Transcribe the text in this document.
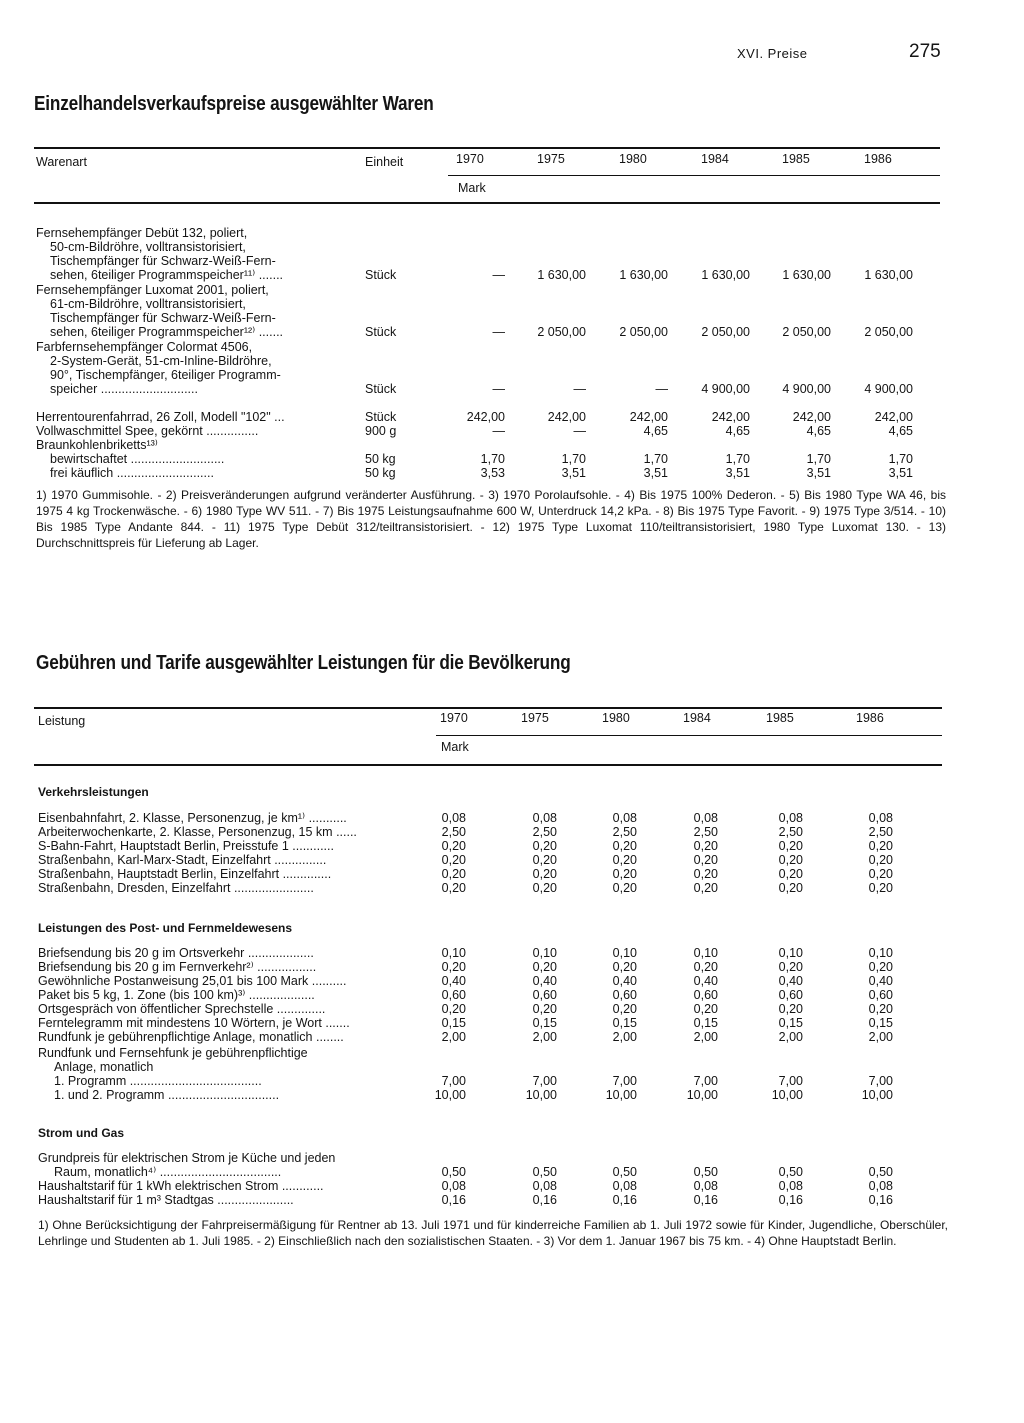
XVI. Preise	275
Einzelhandelsverkaufspreise ausgewählter Waren
Warenart	Einheit	1970	1975	1980	1984	1985	1986
Mark
Fernsehempfänger Debüt 132, poliert,
50-cm-Bildröhre, volltransistorisiert,
Tischempfänger für Schwarz-Weiß-Fern-
sehen, 6teiliger Programmspeicher¹¹⁾ .......	Stück	—	1 630,00	1 630,00	1 630,00	1 630,00	1 630,00
Fernsehempfänger Luxomat 2001, poliert,
61-cm-Bildröhre, volltransistorisiert,
Tischempfänger für Schwarz-Weiß-Fern-
sehen, 6teiliger Programmspeicher¹²⁾ .......	Stück	—	2 050,00	2 050,00	2 050,00	2 050,00	2 050,00
Farbfernsehempfänger Colormat 4506,
2-System-Gerät, 51-cm-Inline-Bildröhre,
90°, Tischempfänger, 6teiliger Programm-
speicher ............................	Stück	—	—	—	4 900,00	4 900,00	4 900,00
Herrentourenfahrrad, 26 Zoll, Modell "102" ...	Stück	242,00	242,00	242,00	242,00	242,00	242,00
Vollwaschmittel Spee, gekörnt ...............	900 g	—	—	4,65	4,65	4,65	4,65
Braunkohlenbriketts¹³⁾
bewirtschaftet ...........................	50 kg	1,70	1,70	1,70	1,70	1,70	1,70
frei käuflich ............................	50 kg	3,53	3,51	3,51	3,51	3,51	3,51
1) 1970 Gummisohle. - 2) Preisveränderungen aufgrund veränderter Ausführung. - 3) 1970 Porolaufsohle. - 4) Bis 1975 100% Dederon. - 5) Bis 1980 Type WA 46, bis 1975 4 kg Trockenwäsche. - 6) 1980 Type WV 511. - 7) Bis 1975 Leistungsaufnahme 600 W, Unterdruck 14,2 kPa. - 8) Bis 1975 Type Favorit. - 9) 1975 Type 3/514. - 10) Bis 1985 Type Andante 844. - 11) 1975 Type Debüt 312/teiltransistorisiert. - 12) 1975 Type Luxomat 110/teiltransistorisiert, 1980 Type Luxomat 130. - 13) Durchschnittspreis für Lieferung ab Lager.
Gebühren und Tarife ausgewählter Leistungen für die Bevölkerung
Leistung	1970	1975	1980	1984	1985	1986
Mark
Verkehrsleistungen
Eisenbahnfahrt, 2. Klasse, Personenzug, je km¹⁾ ...........	0,08	0,08	0,08	0,08	0,08	0,08
Arbeiterwochenkarte, 2. Klasse, Personenzug, 15 km ......	2,50	2,50	2,50	2,50	2,50	2,50
S-Bahn-Fahrt, Hauptstadt Berlin, Preisstufe 1 ............	0,20	0,20	0,20	0,20	0,20	0,20
Straßenbahn, Karl-Marx-Stadt, Einzelfahrt ...............	0,20	0,20	0,20	0,20	0,20	0,20
Straßenbahn, Hauptstadt Berlin, Einzelfahrt ..............	0,20	0,20	0,20	0,20	0,20	0,20
Straßenbahn, Dresden, Einzelfahrt .......................	0,20	0,20	0,20	0,20	0,20	0,20
Leistungen des Post- und Fernmeldewesens
Briefsendung bis 20 g im Ortsverkehr ...................	0,10	0,10	0,10	0,10	0,10	0,10
Briefsendung bis 20 g im Fernverkehr²⁾ .................	0,20	0,20	0,20	0,20	0,20	0,20
Gewöhnliche Postanweisung 25,01 bis 100 Mark ..........	0,40	0,40	0,40	0,40	0,40	0,40
Paket bis 5 kg, 1. Zone (bis 100 km)³⁾ ...................	0,60	0,60	0,60	0,60	0,60	0,60
Ortsgespräch von öffentlicher Sprechstelle ..............	0,20	0,20	0,20	0,20	0,20	0,20
Ferntelegramm mit mindestens 10 Wörtern, je Wort .......	0,15	0,15	0,15	0,15	0,15	0,15
Rundfunk je gebührenpflichtige Anlage, monatlich ........	2,00	2,00	2,00	2,00	2,00	2,00
Rundfunk und Fernsehfunk je gebührenpflichtige
Anlage, monatlich
1. Programm ......................................	7,00	7,00	7,00	7,00	7,00	7,00
1. und 2. Programm ................................	10,00	10,00	10,00	10,00	10,00	10,00
Strom und Gas
Grundpreis für elektrischen Strom je Küche und jeden
Raum, monatlich⁴⁾ ...................................	0,50	0,50	0,50	0,50	0,50	0,50
Haushaltstarif für 1 kWh elektrischen Strom ............	0,08	0,08	0,08	0,08	0,08	0,08
Haushaltstarif für 1 m³ Stadtgas ......................	0,16	0,16	0,16	0,16	0,16	0,16
1) Ohne Berücksichtigung der Fahrpreisermäßigung für Rentner ab 13. Juli 1971 und für kinderreiche Familien ab 1. Juli 1972 sowie für Kinder, Jugendliche, Oberschüler, Lehrlinge und Studenten ab 1. Juli 1985. - 2) Einschließlich nach den sozialistischen Staaten. - 3) Vor dem 1. Januar 1967 bis 75 km. - 4) Ohne Hauptstadt Berlin.
